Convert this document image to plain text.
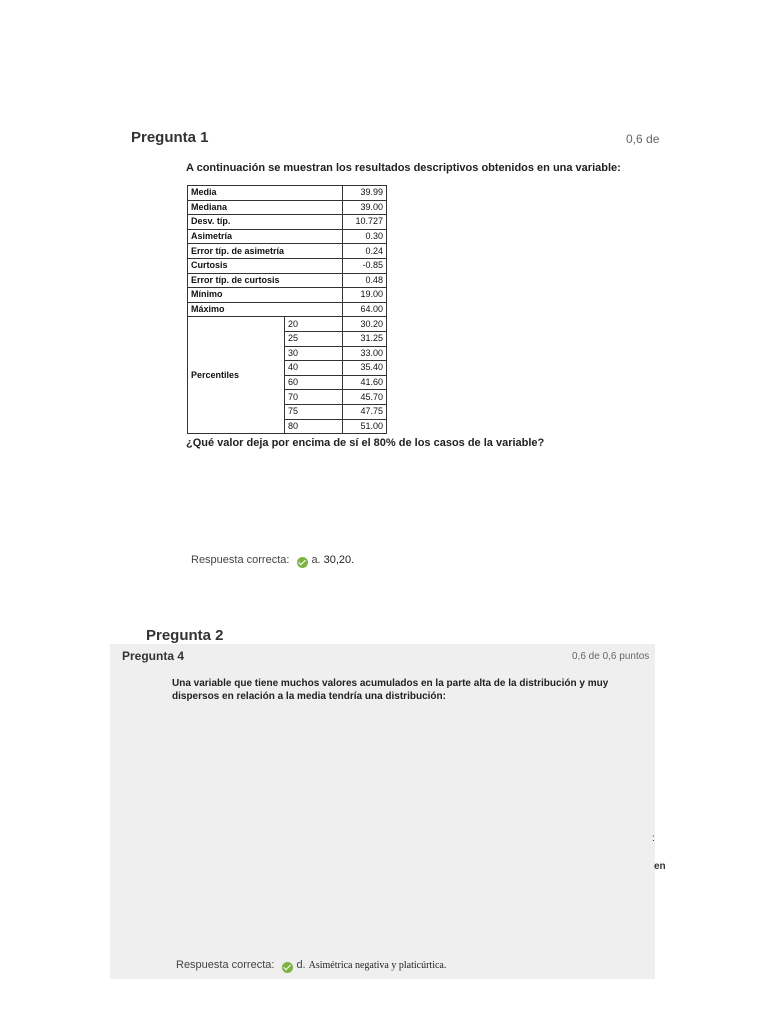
Pregunta 1	0,6 de
A continuación se muestran los resultados descriptivos obtenidos en una variable:
Media		39.99
Mediana		39.00
Desv. típ.		10.727
Asimetría		0.30
Error típ. de asimetría		0.24
Curtosis		-0.85
Error típ. de curtosis		0.48
Mínimo		19.00
Máximo		64.00
Percentiles	20	30.20
	25	31.25
	30	33.00
	40	35.40
	60	41.60
	70	45.70
	75	47.75
	80	51.00
¿Qué valor deja por encima de sí el 80% de los casos de la variable?
Respuesta correcta: a. 30,20.
Pregunta 2
Pregunta 4	0,6 de 0,6 puntos
Una variable que tiene muchos valores acumulados en la parte alta de la distribución y muy dispersos en relación a la media tendría una distribución:
:
en
Respuesta correcta: d. Asimétrica negativa y platicúrtica.
